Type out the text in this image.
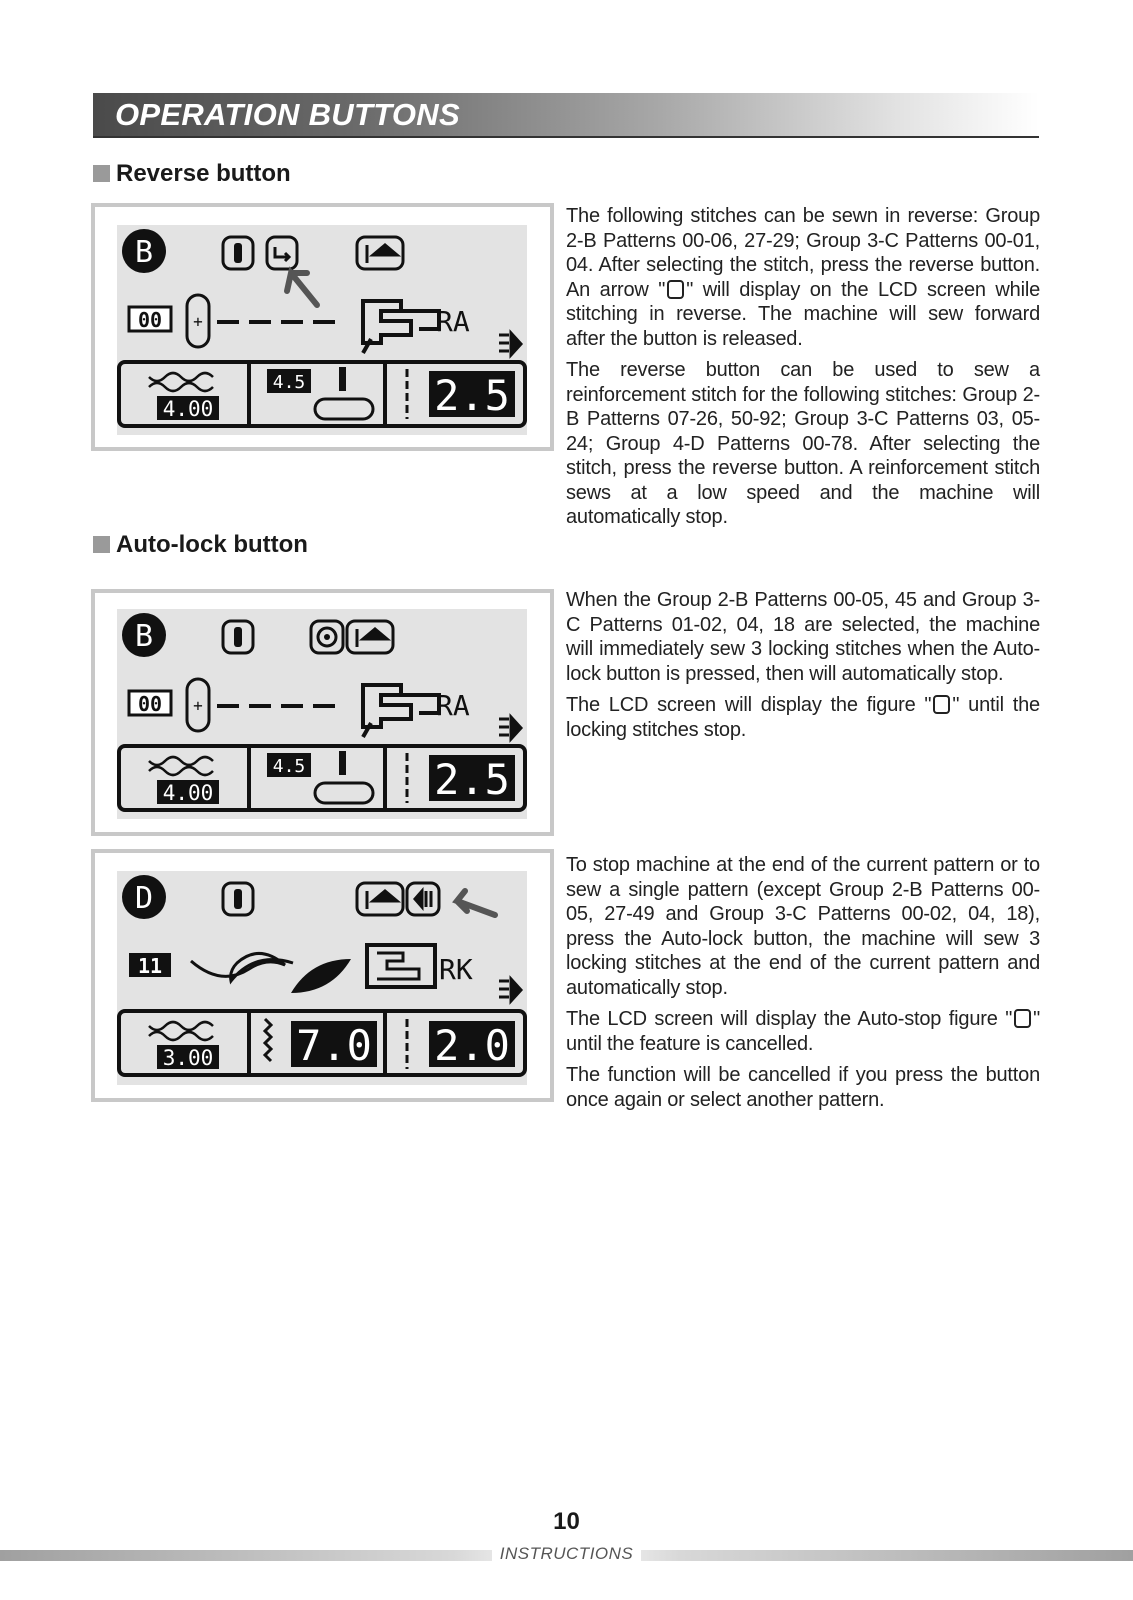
OPERATION BUTTONS
Reverse button
B
00 +	RA
4.00
4.5	2.5

The following stitches can be sewn in reverse: Group 2-B Patterns 00-06, 27-29; Group 3-C Patterns 00-01, 04. After selecting the stitch, press the reverse button. An arrow " " will display on the LCD screen while stitching in reverse. The machine will sew forward after the button is released.

The reverse button can be used to sew a reinforcement stitch for the following stitches: Group 2-B Patterns 07-26, 50-92; Group 3-C Patterns 03, 05-24; Group 4-D Patterns 00-78. After selecting the stitch, press the reverse button. A reinforcement stitch sews at a low speed and the machine will automatically stop.

Auto-lock button
B
00 +	RA
4.00
4.5	2.5

When the Group 2-B Patterns 00-05, 45 and Group 3-C Patterns 01-02, 04, 18 are selected, the machine will immediately sew 3 locking stitches when the Auto-lock button is pressed, then will automatically stop.

The LCD screen will display the figure " " until the locking stitches stop.

D
11	RK
3.00 7.0 2.0

To stop machine at the end of the current pattern or to sew a single pattern (except Group 2-B Patterns 00-05, 27-49 and Group 3-C Patterns 00-02, 04, 18), press the Auto-lock button, the machine will sew 3 locking stitches at the end of the current pattern and automatically stop.

The LCD screen will display the Auto-stop figure " " until the feature is cancelled.

The function will be cancelled if you press the button once again or select another pattern.

10
INSTRUCTIONS
